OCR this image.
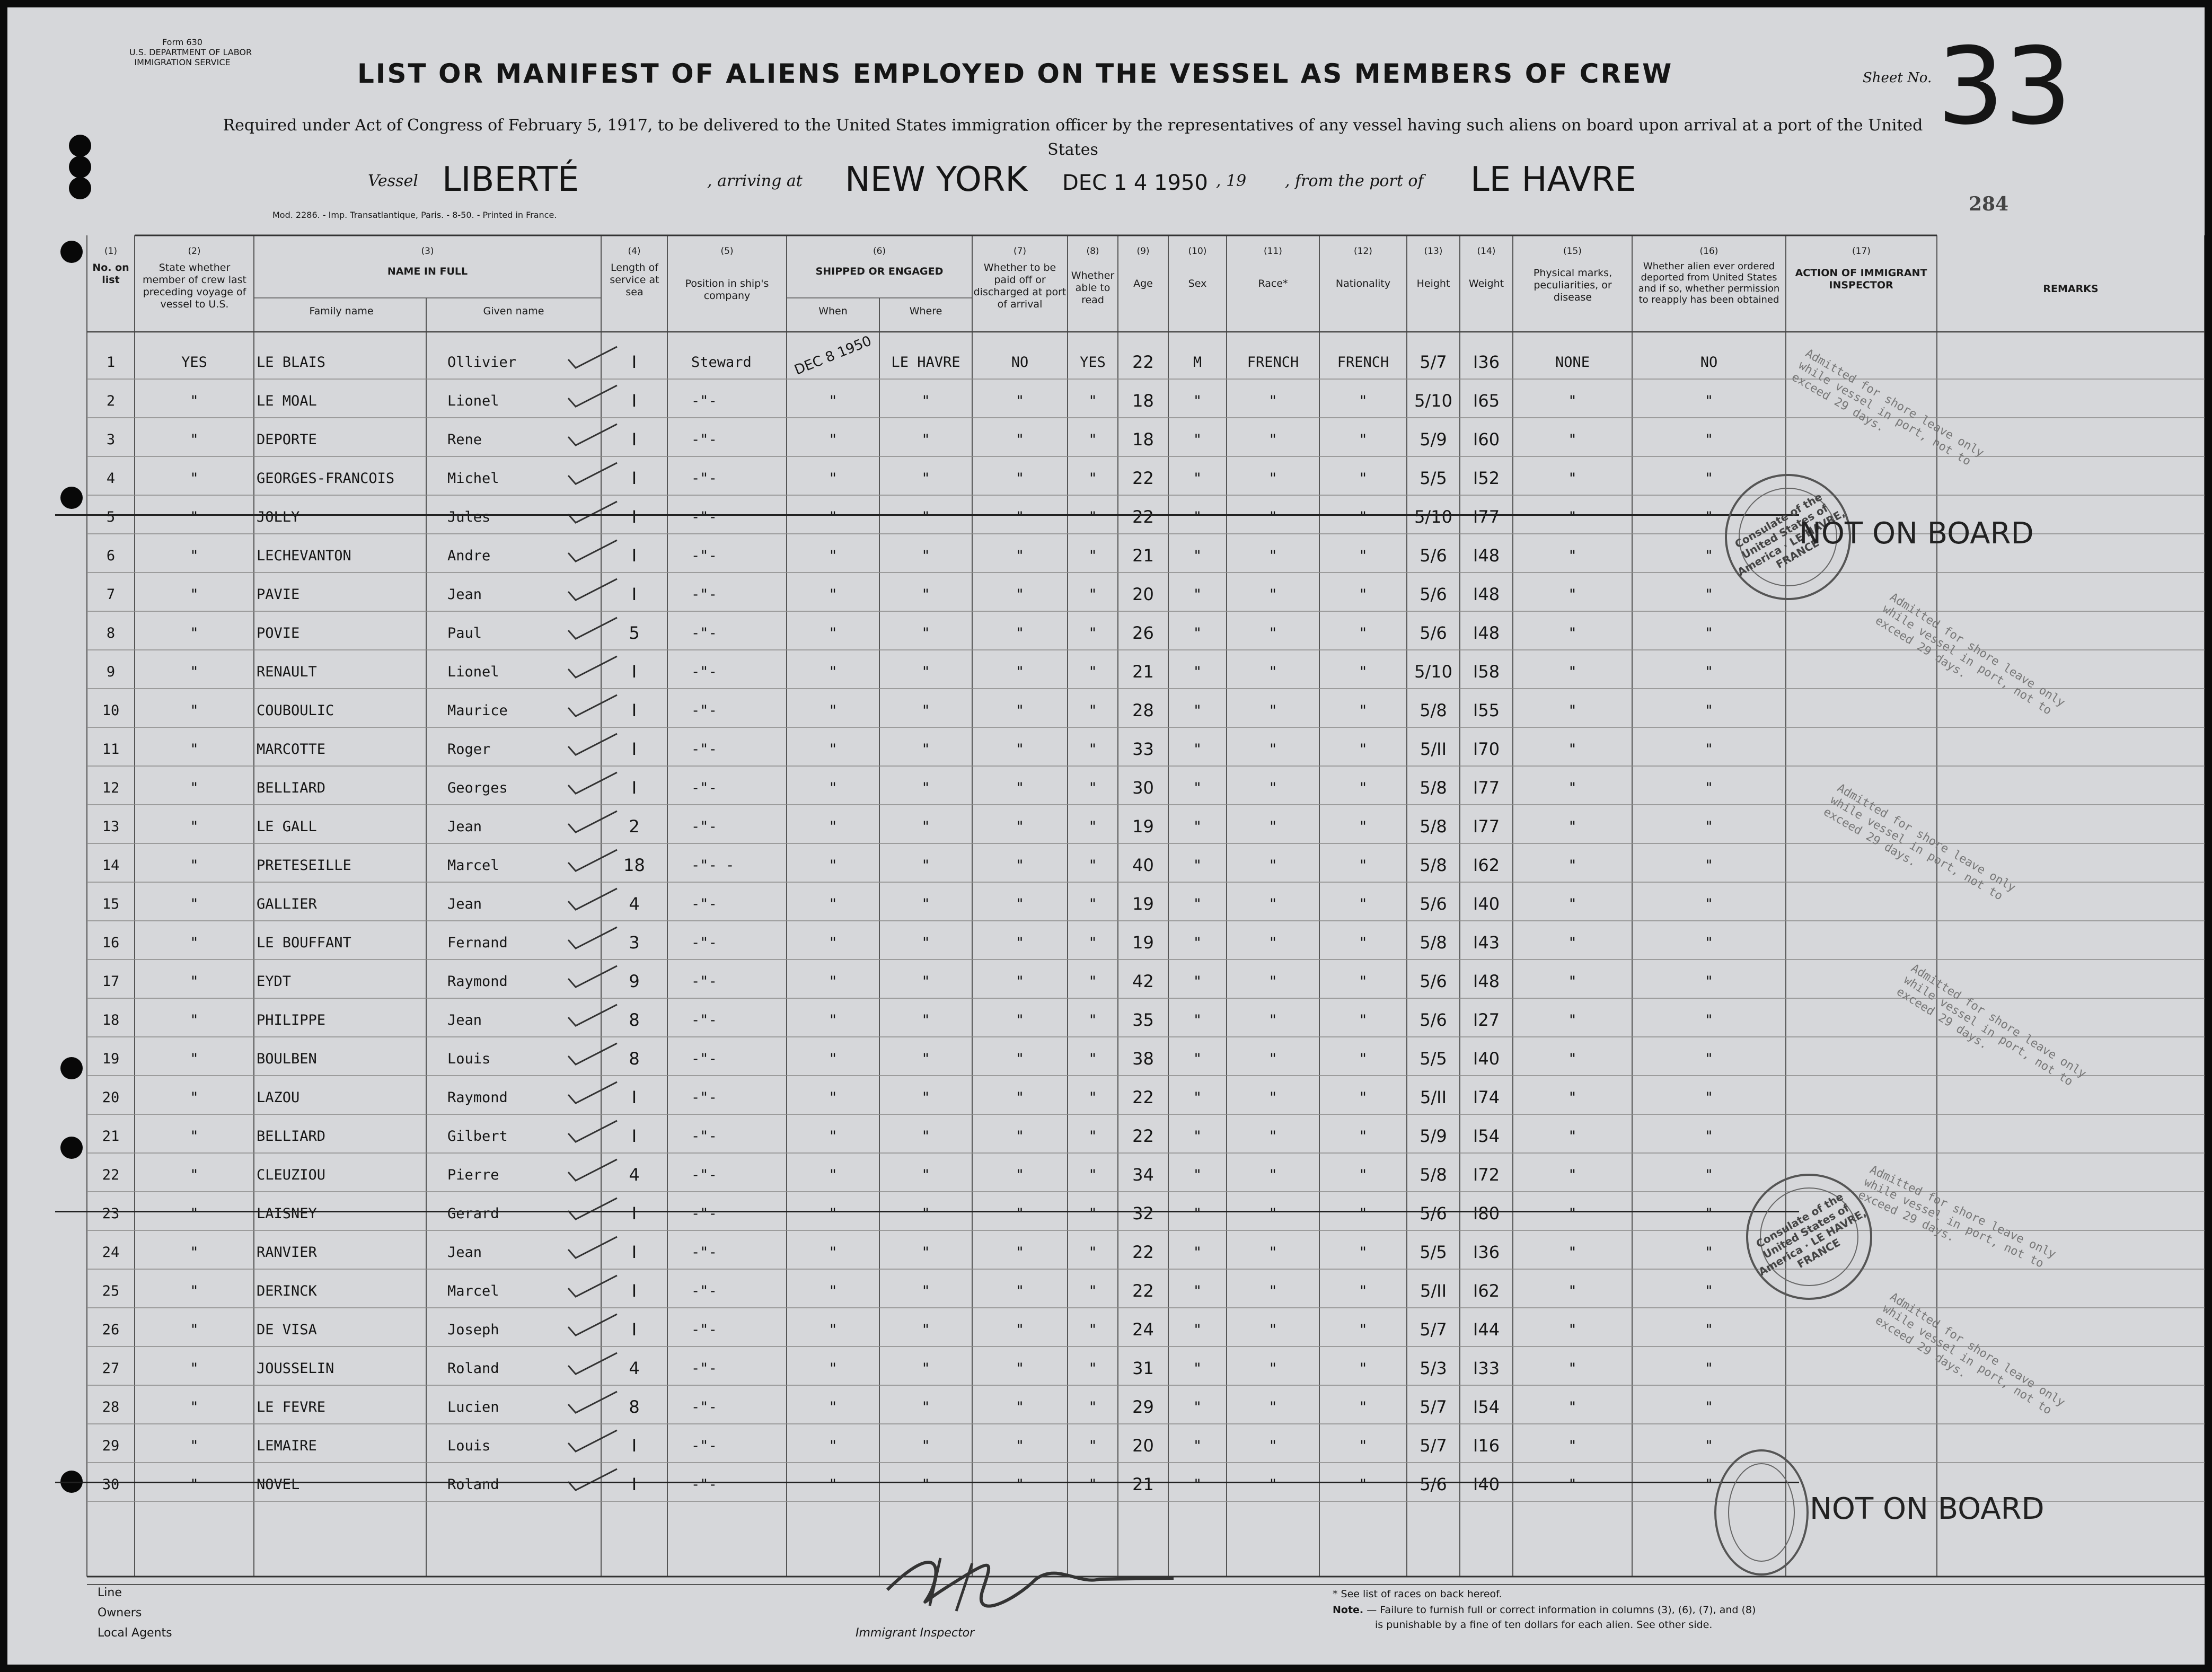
Form 630
U.S. DEPARTMENT OF LABOR
IMMIGRATION SERVICE	LIST OR MANIFEST OF ALIENS EMPLOYED ON THE VESSEL AS MEMBERS OF CREW	Sheet No. 33
Required under Act of Congress of February 5, 1917, to be delivered to the United States immigration officer by the representatives of any vessel having such aliens on board upon arrival at a port of the United States
Vessel LIBERTÉ	, arriving at NEW YORK DEC 1 4 1950 , 19 , from the port of LE HAVRE
Mod. 2286. - Imp. Transatlantique, Paris. - 8-50. - Printed in France.	284
(1)	(2)	(3)	(4)	(5)	(6)	(7)	(8)	(9)	(10)	(11)	(12)	(13)	(14)	(15)	(16)	(17)
No. on list
State whether member of crew last preceding voyage of vessel to U.S.
NAME IN FULL
Family name	Given name
Length of service at sea
Position in ship's company
SHIPPED OR ENGAGED
When	Where
Whether to be paid off or discharged at port of arrival
Whether able to read
Age	Sex	Race*	Nationality	Height	Weight
Physical marks, peculiarities, or disease
Whether alien ever ordered deported from United States and if so, whether permission to reapply has been obtained
ACTION OF IMMIGRANT INSPECTOR	REMARKS
1	YES	LE BLAIS	Ollivier	I	Steward	DEC 8 1950	LE HAVRE	NO	YES	22	M	FRENCH	FRENCH	5/7	I36	NONE	NO
2	"	LE MOAL	Lionel	I	-"-	"	"	"	"	18	"	"	"	5/10	I65	"	"
3	"	DEPORTE	Rene	I	-"-	"	"	"	"	18	"	"	"	5/9	I60	"	"
4	"	GEORGES-FRANCOIS	Michel	I	-"-	"	"	"	"	22	"	"	"	5/5	I52	"	"
5	"	JOLLY	Jules	I	-"-	"	"	"	"	22	"	"	"	5/10	I77	"	"
6	"	LECHEVANTON	Andre	I	-"-	"	"	"	"	21	"	"	"	5/6	I48	"	"
7	"	PAVIE	Jean	I	-"-	"	"	"	"	20	"	"	"	5/6	I48	"	"
8	"	POVIE	Paul	5	-"-	"	"	"	"	26	"	"	"	5/6	I48	"	"
9	"	RENAULT	Lionel	I	-"-	"	"	"	"	21	"	"	"	5/10	I58	"	"
10	"	COUBOULIC	Maurice	I	-"-	"	"	"	"	28	"	"	"	5/8	I55	"	"
11	"	MARCOTTE	Roger	I	-"-	"	"	"	"	33	"	"	"	5/II	I70	"	"
12	"	BELLIARD	Georges	I	-"-	"	"	"	"	30	"	"	"	5/8	I77	"	"
13	"	LE GALL	Jean	2	-"-	"	"	"	"	19	"	"	"	5/8	I77	"	"
14	"	PRETESEILLE	Marcel	18	-"- -	"	"	"	"	40	"	"	"	5/8	I62	"	"
15	"	GALLIER	Jean	4	-"-	"	"	"	"	19	"	"	"	5/6	I40	"	"
16	"	LE BOUFFANT	Fernand	3	-"-	"	"	"	"	19	"	"	"	5/8	I43	"	"
17	"	EYDT	Raymond	9	-"-	"	"	"	"	42	"	"	"	5/6	I48	"	"
18	"	PHILIPPE	Jean	8	-"-	"	"	"	"	35	"	"	"	5/6	I27	"	"
19	"	BOULBEN	Louis	8	-"-	"	"	"	"	38	"	"	"	5/5	I40	"	"
20	"	LAZOU	Raymond	I	-"-	"	"	"	"	22	"	"	"	5/II	I74	"	"
21	"	BELLIARD	Gilbert	I	-"-	"	"	"	"	22	"	"	"	5/9	I54	"	"
22	"	CLEUZIOU	Pierre	4	-"-	"	"	"	"	34	"	"	"	5/8	I72	"	"
23	"	LAISNEY	Gerard	I	-"-	"	"	"	"	32	"	"	"	5/6	I80	"	"
24	"	RANVIER	Jean	I	-"-	"	"	"	"	22	"	"	"	5/5	I36	"	"
25	"	DERINCK	Marcel	I	-"-	"	"	"	"	22	"	"	"	5/II	I62	"	"
26	"	DE VISA	Joseph	I	-"-	"	"	"	"	24	"	"	"	5/7	I44	"	"
27	"	JOUSSELIN	Roland	4	-"-	"	"	"	"	31	"	"	"	5/3	I33	"	"
28	"	LE FEVRE	Lucien	8	-"-	"	"	"	"	29	"	"	"	5/7	I54	"	"
29	"	LEMAIRE	Louis	I	-"-	"	"	"	"	20	"	"	"	5/7	I16	"	"
30	"	NOVEL	Roland	I	-"-	"	"	"	"	21	"	"	"	5/6	I40	"	"
Consulate of the United States of America · LE HAVRE, FRANCE
Consulate of the United States of America · LE HAVRE, FRANCE
NOT ON BOARD
NOT ON BOARD
Admitted for shore leave only while vessel in port, not to exceed 29 days.
Admitted for shore leave only while vessel in port, not to exceed 29 days.
Admitted for shore leave only while vessel in port, not to exceed 29 days.
Admitted for shore leave only while vessel in port, not to exceed 29 days.
Admitted for shore leave only while vessel in port, not to exceed 29 days.
Admitted for shore leave only while vessel in port, not to exceed 29 days.
Line
Owners
Local Agents	Immigrant Inspector
* See list of races on back hereof.
Note. — Failure to furnish full or correct information in columns (3), (6), (7), and (8)
is punishable by a fine of ten dollars for each alien. See other side.
